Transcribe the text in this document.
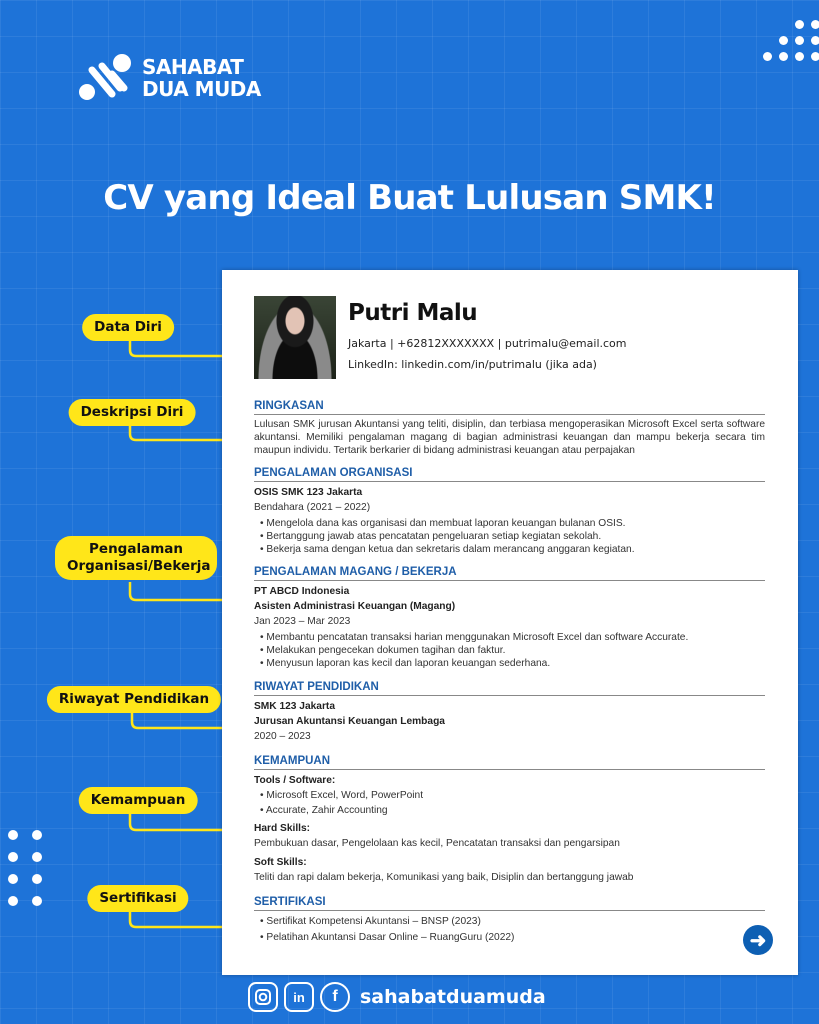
SAHABAT
DUA MUDA
CV yang Ideal Buat Lulusan SMK!
Data Diri
Deskripsi Diri
Pengalaman Organisasi/Bekerja
Riwayat Pendidikan
Kemampuan
Sertifikasi
Putri Malu
Jakarta | +62812XXXXXXX | putrimalu@email.com
LinkedIn: linkedin.com/in/putrimalu (jika ada)
RINGKASAN
Lulusan SMK jurusan Akuntansi yang teliti, disiplin, dan terbiasa mengoperasikan Microsoft Excel serta software akuntansi. Memiliki pengalaman magang di bagian administrasi keuangan dan mampu bekerja secara tim maupun individu. Tertarik berkarier di bidang administrasi keuangan atau perpajakan
PENGALAMAN ORGANISASI
OSIS SMK 123 Jakarta
Bendahara (2021 – 2022)
• Mengelola dana kas organisasi dan membuat laporan keuangan bulanan OSIS.
• Bertanggung jawab atas pencatatan pengeluaran setiap kegiatan sekolah.
• Bekerja sama dengan ketua dan sekretaris dalam merancang anggaran kegiatan.
PENGALAMAN MAGANG / BEKERJA
PT ABCD Indonesia
Asisten Administrasi Keuangan (Magang)
Jan 2023 – Mar 2023
• Membantu pencatatan transaksi harian menggunakan Microsoft Excel dan software Accurate.
• Melakukan pengecekan dokumen tagihan dan faktur.
• Menyusun laporan kas kecil dan laporan keuangan sederhana.
RIWAYAT PENDIDIKAN
SMK 123 Jakarta
Jurusan Akuntansi Keuangan Lembaga
2020 – 2023
KEMAMPUAN
Tools / Software:
• Microsoft Excel, Word, PowerPoint
• Accurate, Zahir Accounting
Hard Skills:
Pembukuan dasar, Pengelolaan kas kecil, Pencatatan transaksi dan pengarsipan
Soft Skills:
Teliti dan rapi dalam bekerja, Komunikasi yang baik, Disiplin dan bertanggung jawab
SERTIFIKASI
• Sertifikat Kompetensi Akuntansi – BNSP (2023)
• Pelatihan Akuntansi Dasar Online – RuangGuru (2022)	➜
in	f	sahabatduamuda
